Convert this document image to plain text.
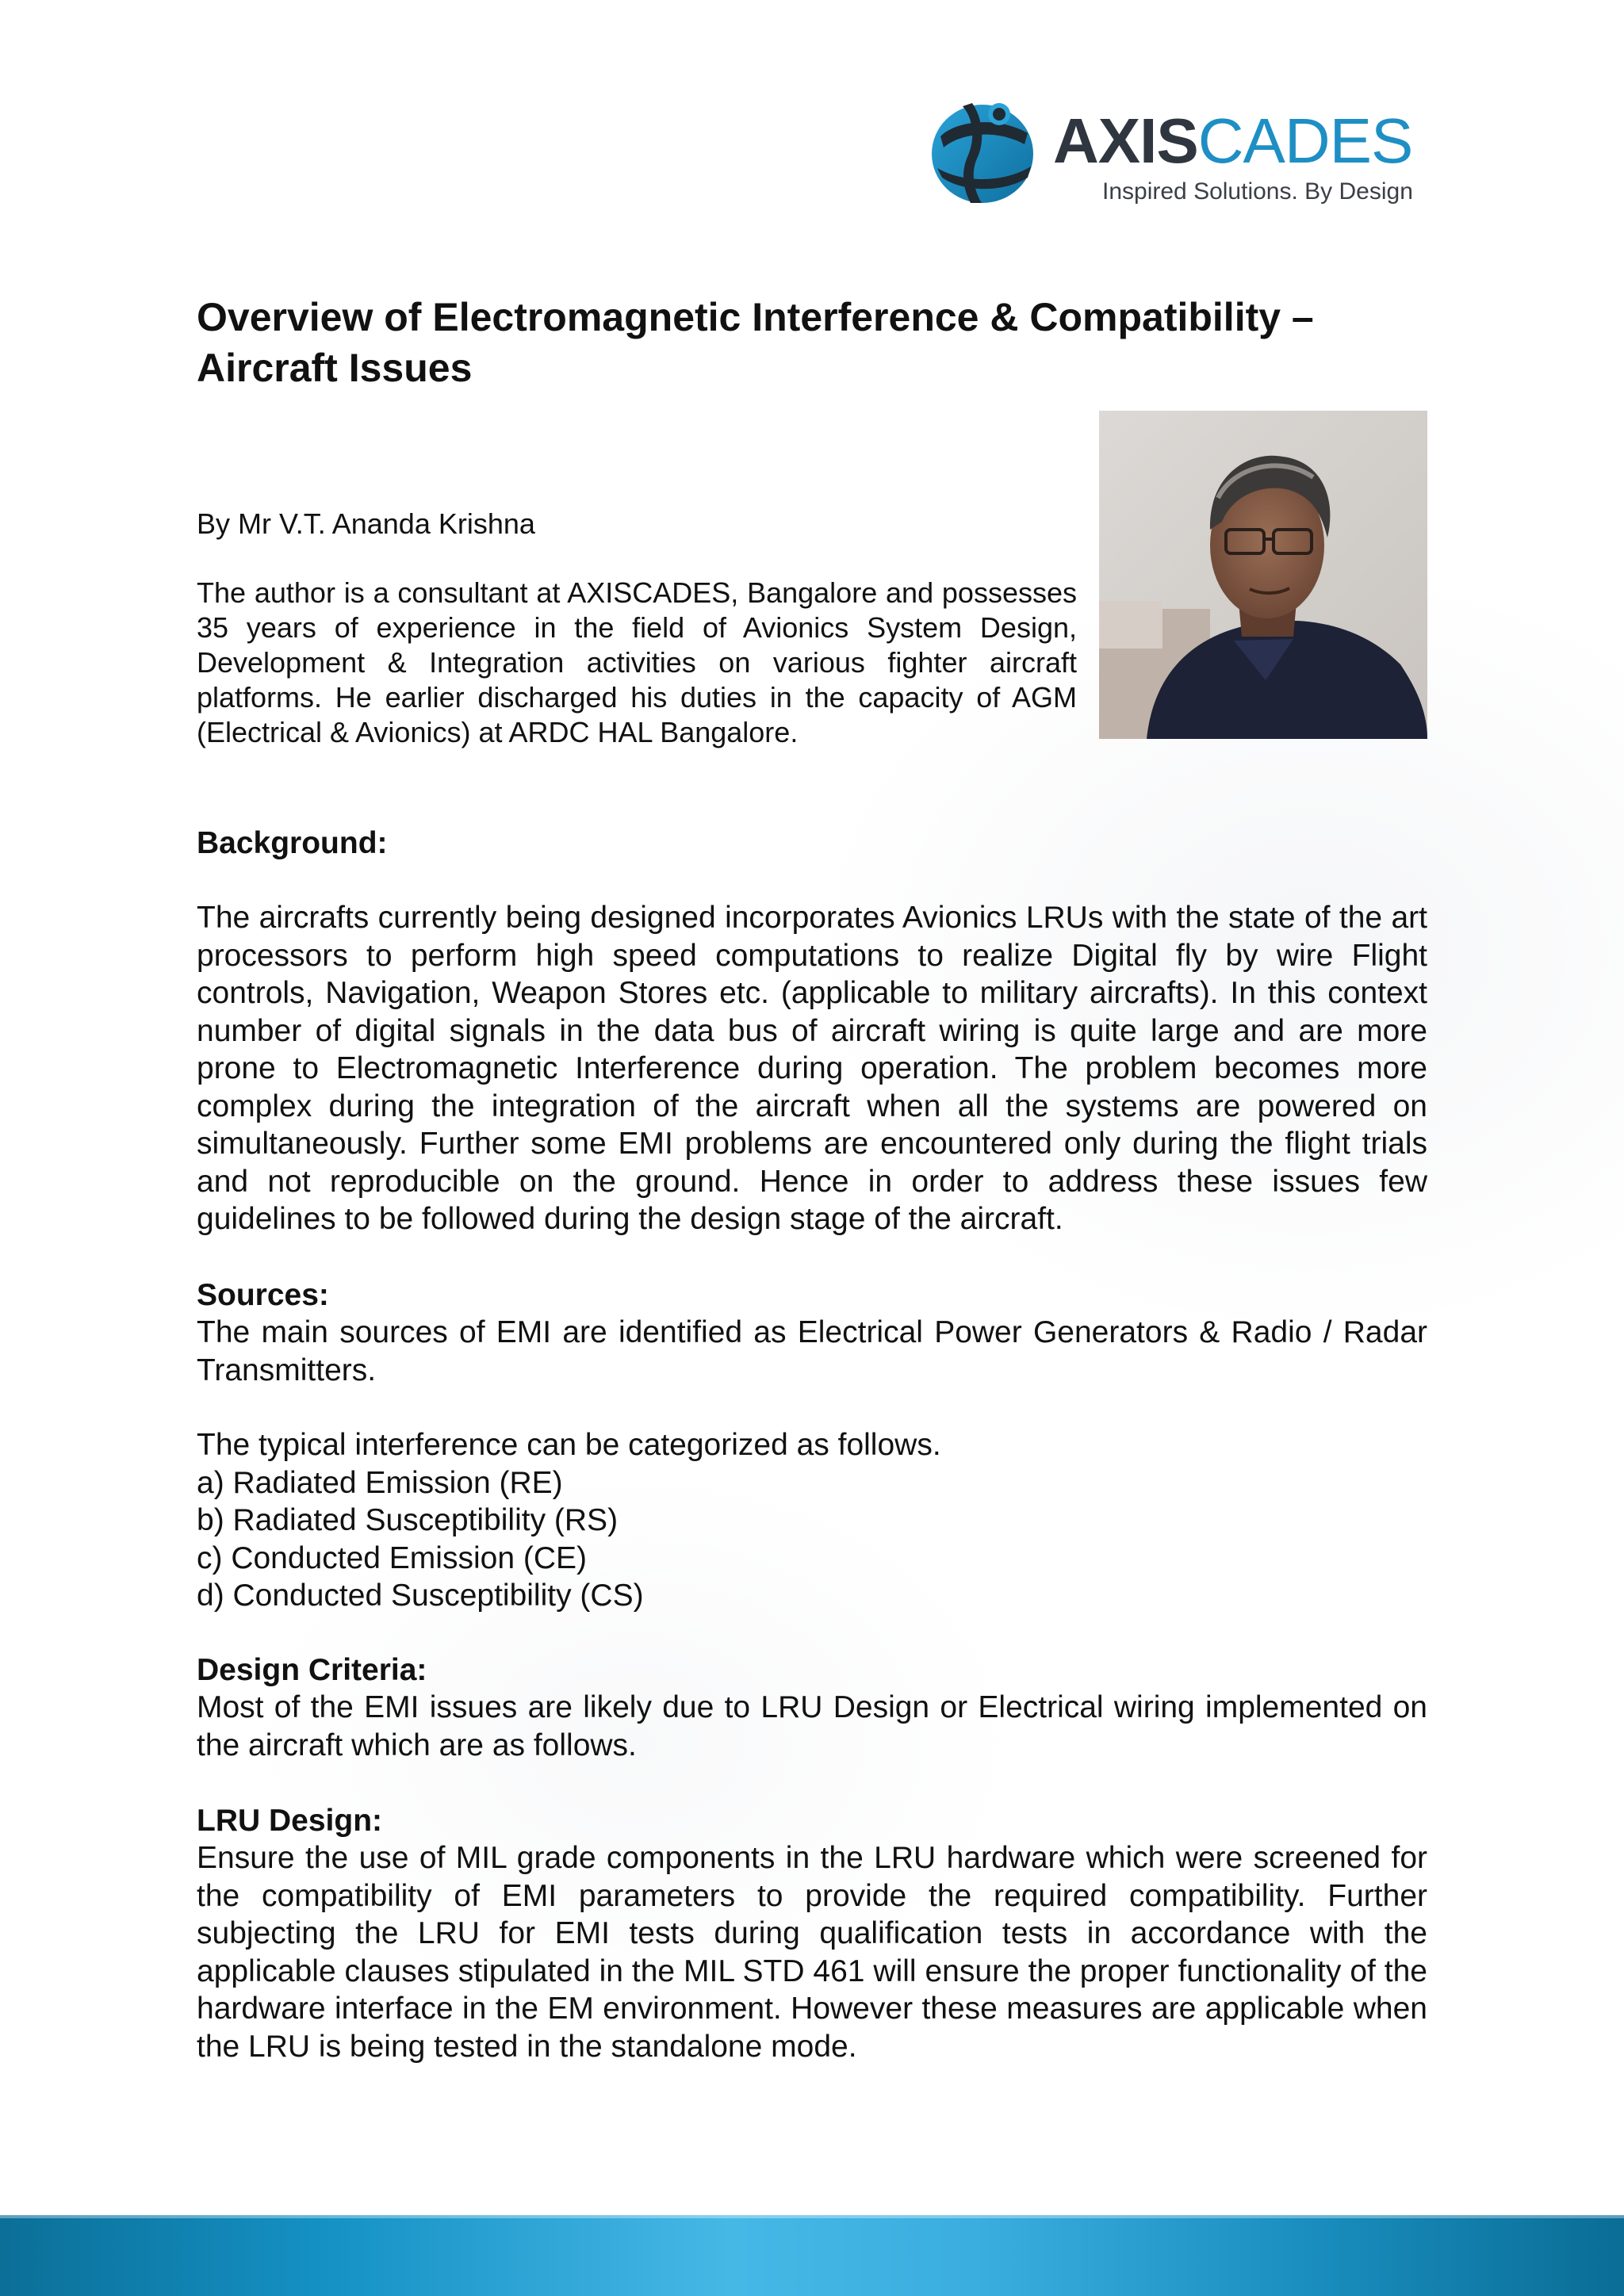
AXISCADES
Inspired Solutions. By Design
Overview of Electromagnetic Interference & Compatibility – Aircraft Issues

By Mr V.T. Ananda Krishna

The author is a consultant at AXISCADES, Bangalore and possesses 35 years of experience in the field of Avionics System Design, Development & Integration activities on various fighter aircraft platforms. He earlier discharged his duties in the capacity of AGM (Electrical & Avionics) at ARDC HAL Bangalore.

Background:

The aircrafts currently being designed incorporates Avionics LRUs with the state of the art processors to perform high speed computations to realize Digital fly by wire Flight controls, Navigation, Weapon Stores etc. (applicable to military aircrafts). In this context number of digital signals in the data bus of aircraft wiring is quite large and are more prone to Electromagnetic Interference during operation. The problem becomes more complex during the integration of the aircraft when all the systems are powered on simultaneously. Further some EMI problems are encountered only during the flight trials and not reproducible on the ground. Hence in order to address these issues few guidelines to be followed during the design stage of the aircraft.

Sources:

The main sources of EMI are identified as Electrical Power Generators & Radio / Radar Transmitters.

The typical interference can be categorized as follows.

a) Radiated Emission (RE)
b) Radiated Susceptibility (RS)
c) Conducted Emission (CE)
d) Conducted Susceptibility (CS)
Design Criteria:

Most of the EMI issues are likely due to LRU Design or Electrical wiring implemented on the aircraft which are as follows.

LRU Design:

Ensure the use of MIL grade components in the LRU hardware which were screened for the compatibility of EMI parameters to provide the required compatibility. Further subjecting the LRU for EMI tests during qualification tests in accordance with the applicable clauses stipulated in the MIL STD 461 will ensure the proper functionality of the hardware interface in the EM environment. However these measures are applicable when the LRU is being tested in the standalone mode.
